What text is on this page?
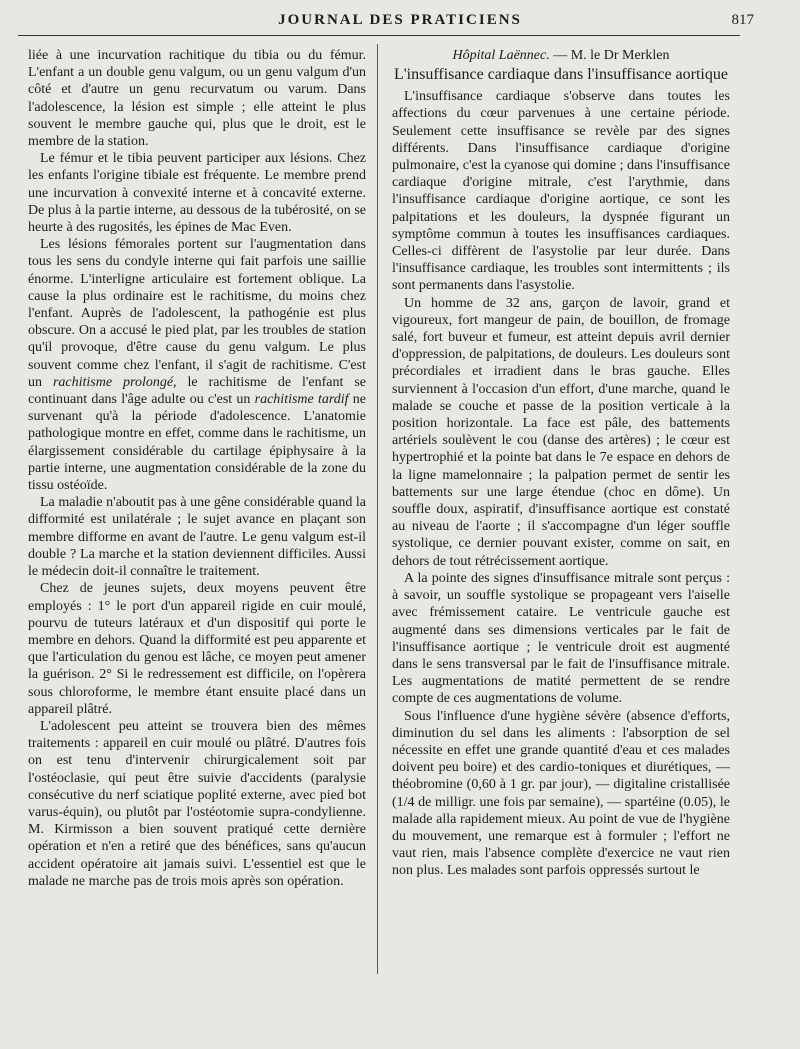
JOURNAL DES PRATICIENS	817

liée à une incurvation rachitique du tibia ou du fémur. L'enfant a un double genu valgum, ou un genu valgum d'un côté et d'autre un genu recurvatum ou varum. Dans l'adolescence, la lésion est simple ; elle atteint le plus souvent le membre gauche qui, plus que le droit, est le membre de la station.

Le fémur et le tibia peuvent participer aux lésions. Chez les enfants l'origine tibiale est fréquente. Le membre prend une incurvation à convexité interne et à concavité externe. De plus à la partie interne, au dessous de la tubérosité, on se heurte à des rugosités, les épines de Mac Even.

Les lésions fémorales portent sur l'augmentation dans tous les sens du condyle interne qui fait parfois une saillie énorme. L'interligne articulaire est fortement oblique. La cause la plus ordinaire est le rachitisme, du moins chez l'enfant. Auprès de l'adolescent, la pathogénie est plus obscure. On a accusé le pied plat, par les troubles de station qu'il provoque, d'être cause du genu valgum. Le plus souvent comme chez l'enfant, il s'agit de rachitisme. C'est un rachitisme prolongé, le rachitisme de l'enfant se continuant dans l'âge adulte ou c'est un rachitisme tardif ne survenant qu'à la période d'adolescence. L'anatomie pathologique montre en effet, comme dans le rachitisme, un élargissement considérable du cartilage épiphysaire à la partie interne, une augmentation considérable de la zone du tissu ostéoïde.

La maladie n'aboutit pas à une gêne considérable quand la difformité est unilatérale ; le sujet avance en plaçant son membre difforme en avant de l'autre. Le genu valgum est-il double ? La marche et la station deviennent difficiles. Aussi le médecin doit-il connaître le traitement.

Chez de jeunes sujets, deux moyens peuvent être employés : 1° le port d'un appareil rigide en cuir moulé, pourvu de tuteurs latéraux et d'un dispositif qui porte le membre en dehors. Quand la difformité est peu apparente et que l'articulation du genou est lâche, ce moyen peut amener la guérison. 2° Si le redressement est difficile, on l'opèrera sous chloroforme, le membre étant ensuite placé dans un appareil plâtré.

L'adolescent peu atteint se trouvera bien des mêmes traitements : appareil en cuir moulé ou plâtré. D'autres fois on est tenu d'intervenir chirurgicalement soit par l'ostéoclasie, qui peut être suivie d'accidents (paralysie consécutive du nerf sciatique poplité externe, avec pied bot varus-équin), ou plutôt par l'ostéotomie supra-condylienne. M. Kirmisson a bien souvent pratiqué cette dernière opération et n'en a retiré que des bénéfices, sans qu'aucun accident opératoire ait jamais suivi. L'essentiel est que le malade ne marche pas de trois mois après son opération.

Hôpital Laënnec. — M. le Dr Merklen

L'insuffisance cardiaque dans l'insuffisance aortique

L'insuffisance cardiaque s'observe dans toutes les affections du cœur parvenues à une certaine période. Seulement cette insuffisance se revèle par des signes différents. Dans l'insuffisance cardiaque d'origine pulmonaire, c'est la cyanose qui domine ; dans l'insuffisance cardiaque d'origine mitrale, c'est l'arythmie, dans l'insuffisance cardiaque d'origine aortique, ce sont les palpitations et les douleurs, la dyspnée figurant un symptôme commun à toutes les insuffisances cardiaques. Celles-ci diffèrent de l'asystolie par leur durée. Dans l'insuffisance cardiaque, les troubles sont intermittents ; ils sont permanents dans l'asystolie.

Un homme de 32 ans, garçon de lavoir, grand et vigoureux, fort mangeur de pain, de bouillon, de fromage salé, fort buveur et fumeur, est atteint depuis avril dernier d'oppression, de palpitations, de douleurs. Les douleurs sont précordiales et irradient dans le bras gauche. Elles surviennent à l'occasion d'un effort, d'une marche, quand le malade se couche et passe de la position verticale à la position horizontale. La face est pâle, des battements artériels soulèvent le cou (danse des artères) ; le cœur est hypertrophié et la pointe bat dans le 7e espace en dehors de la ligne mamelonnaire ; la palpation permet de sentir les battements sur une large étendue (choc en dôme). Un souffle doux, aspiratif, d'insuffisance aortique est constaté au niveau de l'aorte ; il s'accompagne d'un léger souffle systolique, ce dernier pouvant exister, comme on sait, en dehors de tout rétrécissement aortique.

A la pointe des signes d'insuffisance mitrale sont perçus : à savoir, un souffle systolique se propageant vers l'aiselle avec frémissement cataire. Le ventricule gauche est augmenté dans ses dimensions verticales par le fait de l'insuffisance aortique ; le ventricule droit est augmenté dans le sens transversal par le fait de l'insuffisance mitrale. Les augmentations de matité permettent de se rendre compte de ces augmentations de volume.

Sous l'influence d'une hygiène sévère (absence d'efforts, diminution du sel dans les aliments : l'absorption de sel nécessite en effet une grande quantité d'eau et ces malades doivent peu boire) et des cardio-toniques et diurétiques, — théobromine (0,60 à 1 gr. par jour), — digitaline cristallisée (1/4 de milligr. une fois par semaine), — spartéine (0.05), le malade alla rapidement mieux. Au point de vue de l'hygiène du mouvement, une remarque est à formuler ; l'effort ne vaut rien, mais l'absence complète d'exercice ne vaut rien non plus. Les malades sont parfois oppressés surtout le
